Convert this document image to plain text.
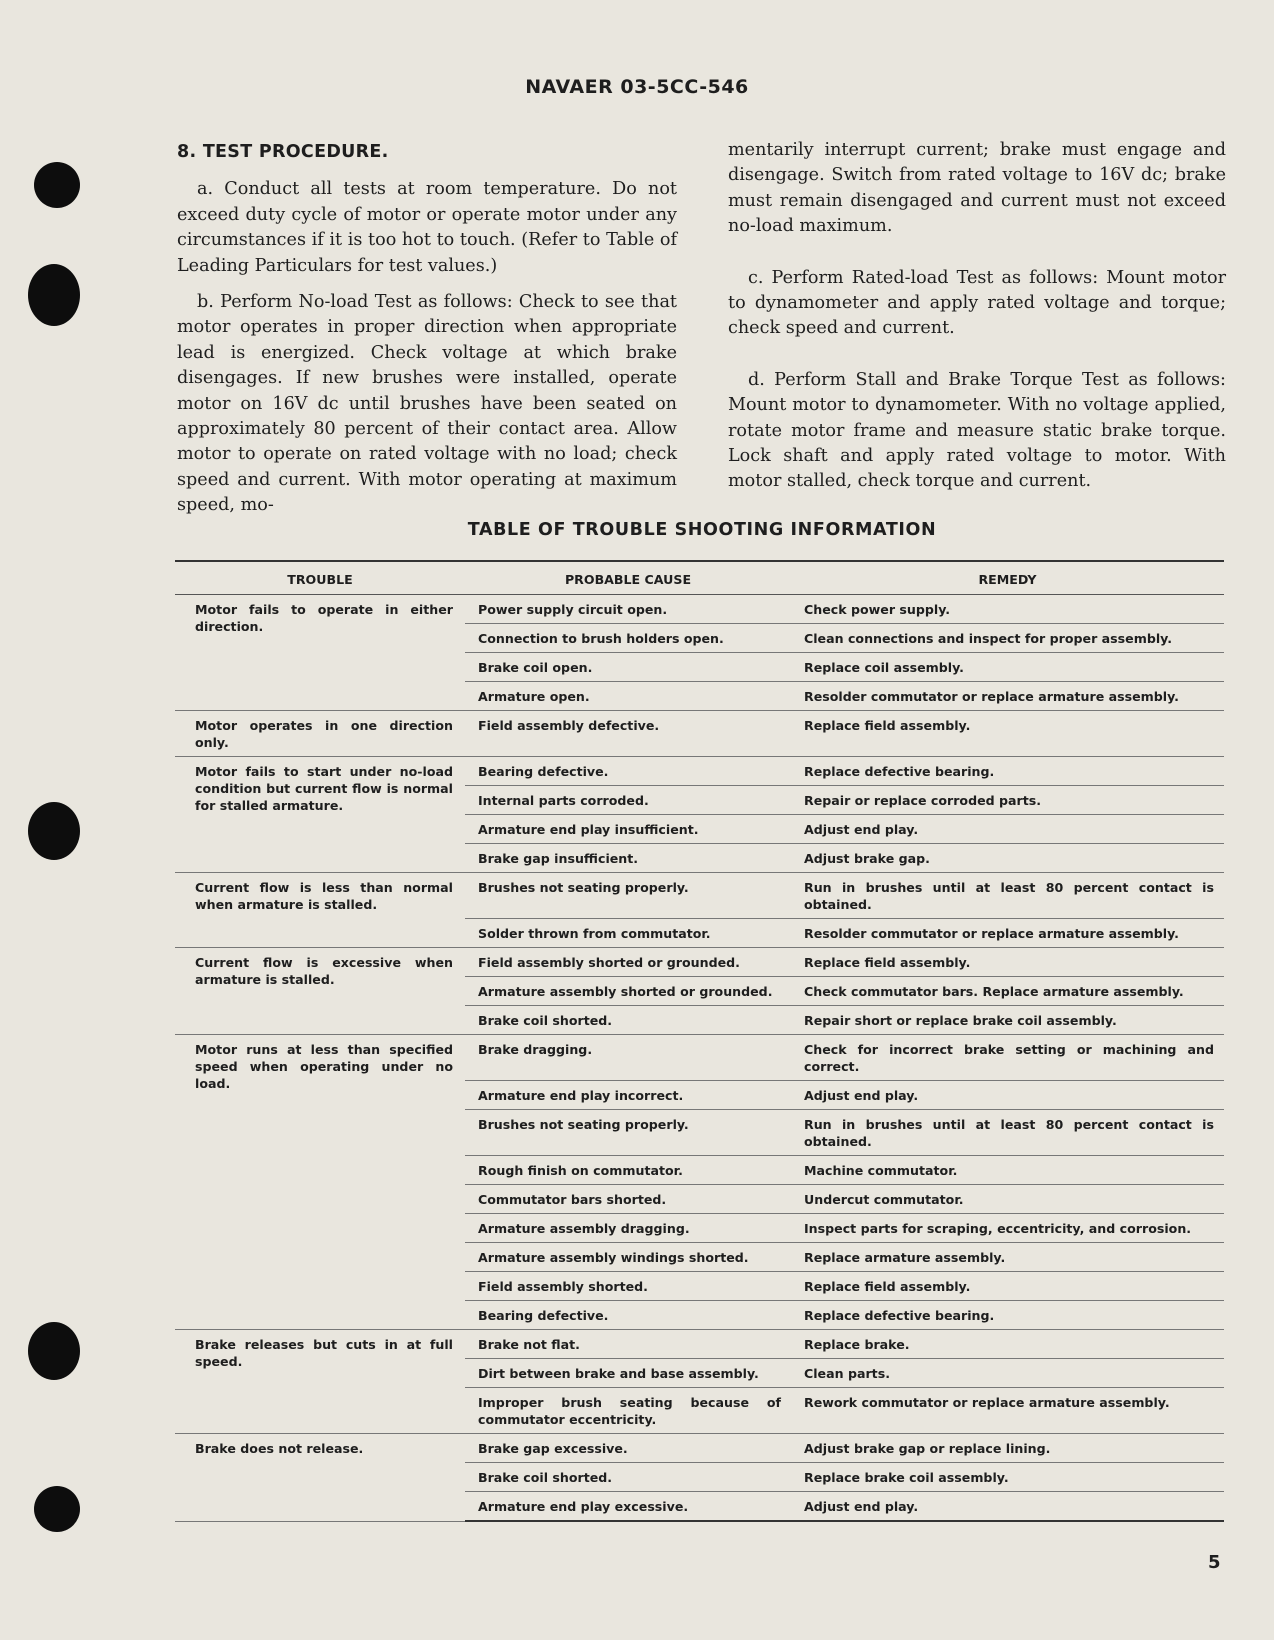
NAVAER 03-5CC-546
8. TEST PROCEDURE.

a. Conduct all tests at room temperature. Do not exceed duty cycle of motor or operate motor under any circumstances if it is too hot to touch. (Refer to Table of Leading Particulars for test values.)

b. Perform No-load Test as follows: Check to see that motor operates in proper direction when appropriate lead is energized. Check voltage at which brake disengages. If new brushes were installed, operate motor on 16V dc until brushes have been seated on approximately 80 percent of their contact area. Allow motor to operate on rated voltage with no load; check speed and current. With motor operating at maximum speed, mo-

mentarily interrupt current; brake must engage and disengage. Switch from rated voltage to 16V dc; brake must remain disengaged and current must not exceed no-load maximum.

c. Perform Rated-load Test as follows: Mount motor to dynamometer and apply rated voltage and torque; check speed and current.

d. Perform Stall and Brake Torque Test as follows: Mount motor to dynamometer. With no voltage applied, rotate motor frame and measure static brake torque. Lock shaft and apply rated voltage to motor. With motor stalled, check torque and current.

TABLE OF TROUBLE SHOOTING INFORMATION
TROUBLE	PROBABLE CAUSE	REMEDY
Motor fails to operate in either direction.	Power supply circuit open.	Check power supply.
	Connection to brush holders open.	Clean connections and inspect for proper assembly.
	Brake coil open.	Replace coil assembly.
	Armature open.	Resolder commutator or replace armature assembly.
Motor operates in one direction only.	Field assembly defective.	Replace field assembly.
Motor fails to start under no-load condition but current flow is normal for stalled armature.	Bearing defective.	Replace defective bearing.
	Internal parts corroded.	Repair or replace corroded parts.
	Armature end play insufficient.	Adjust end play.
	Brake gap insufficient.	Adjust brake gap.
Current flow is less than normal when armature is stalled.	Brushes not seating properly.	Run in brushes until at least 80 percent contact is obtained.
	Solder thrown from commutator.	Resolder commutator or replace armature assembly.
Current flow is excessive when armature is stalled.	Field assembly shorted or grounded.	Replace field assembly.
	Armature assembly shorted or grounded.	Check commutator bars. Replace armature assembly.
	Brake coil shorted.	Repair short or replace brake coil assembly.
Motor runs at less than specified speed when operating under no load.	Brake dragging.	Check for incorrect brake setting or machining and correct.
	Armature end play incorrect.	Adjust end play.
	Brushes not seating properly.	Run in brushes until at least 80 percent contact is obtained.
	Rough finish on commutator.	Machine commutator.
	Commutator bars shorted.	Undercut commutator.
	Armature assembly dragging.	Inspect parts for scraping, eccentricity, and corrosion.
	Armature assembly windings shorted.	Replace armature assembly.
	Field assembly shorted.	Replace field assembly.
	Bearing defective.	Replace defective bearing.
Brake releases but cuts in at full speed.	Brake not flat.	Replace brake.
	Dirt between brake and base assembly.	Clean parts.
	Improper brush seating because of commutator eccentricity.	Rework commutator or replace armature assembly.
Brake does not release.	Brake gap excessive.	Adjust brake gap or replace lining.
	Brake coil shorted.	Replace brake coil assembly.
	Armature end play excessive.	Adjust end play.
5
